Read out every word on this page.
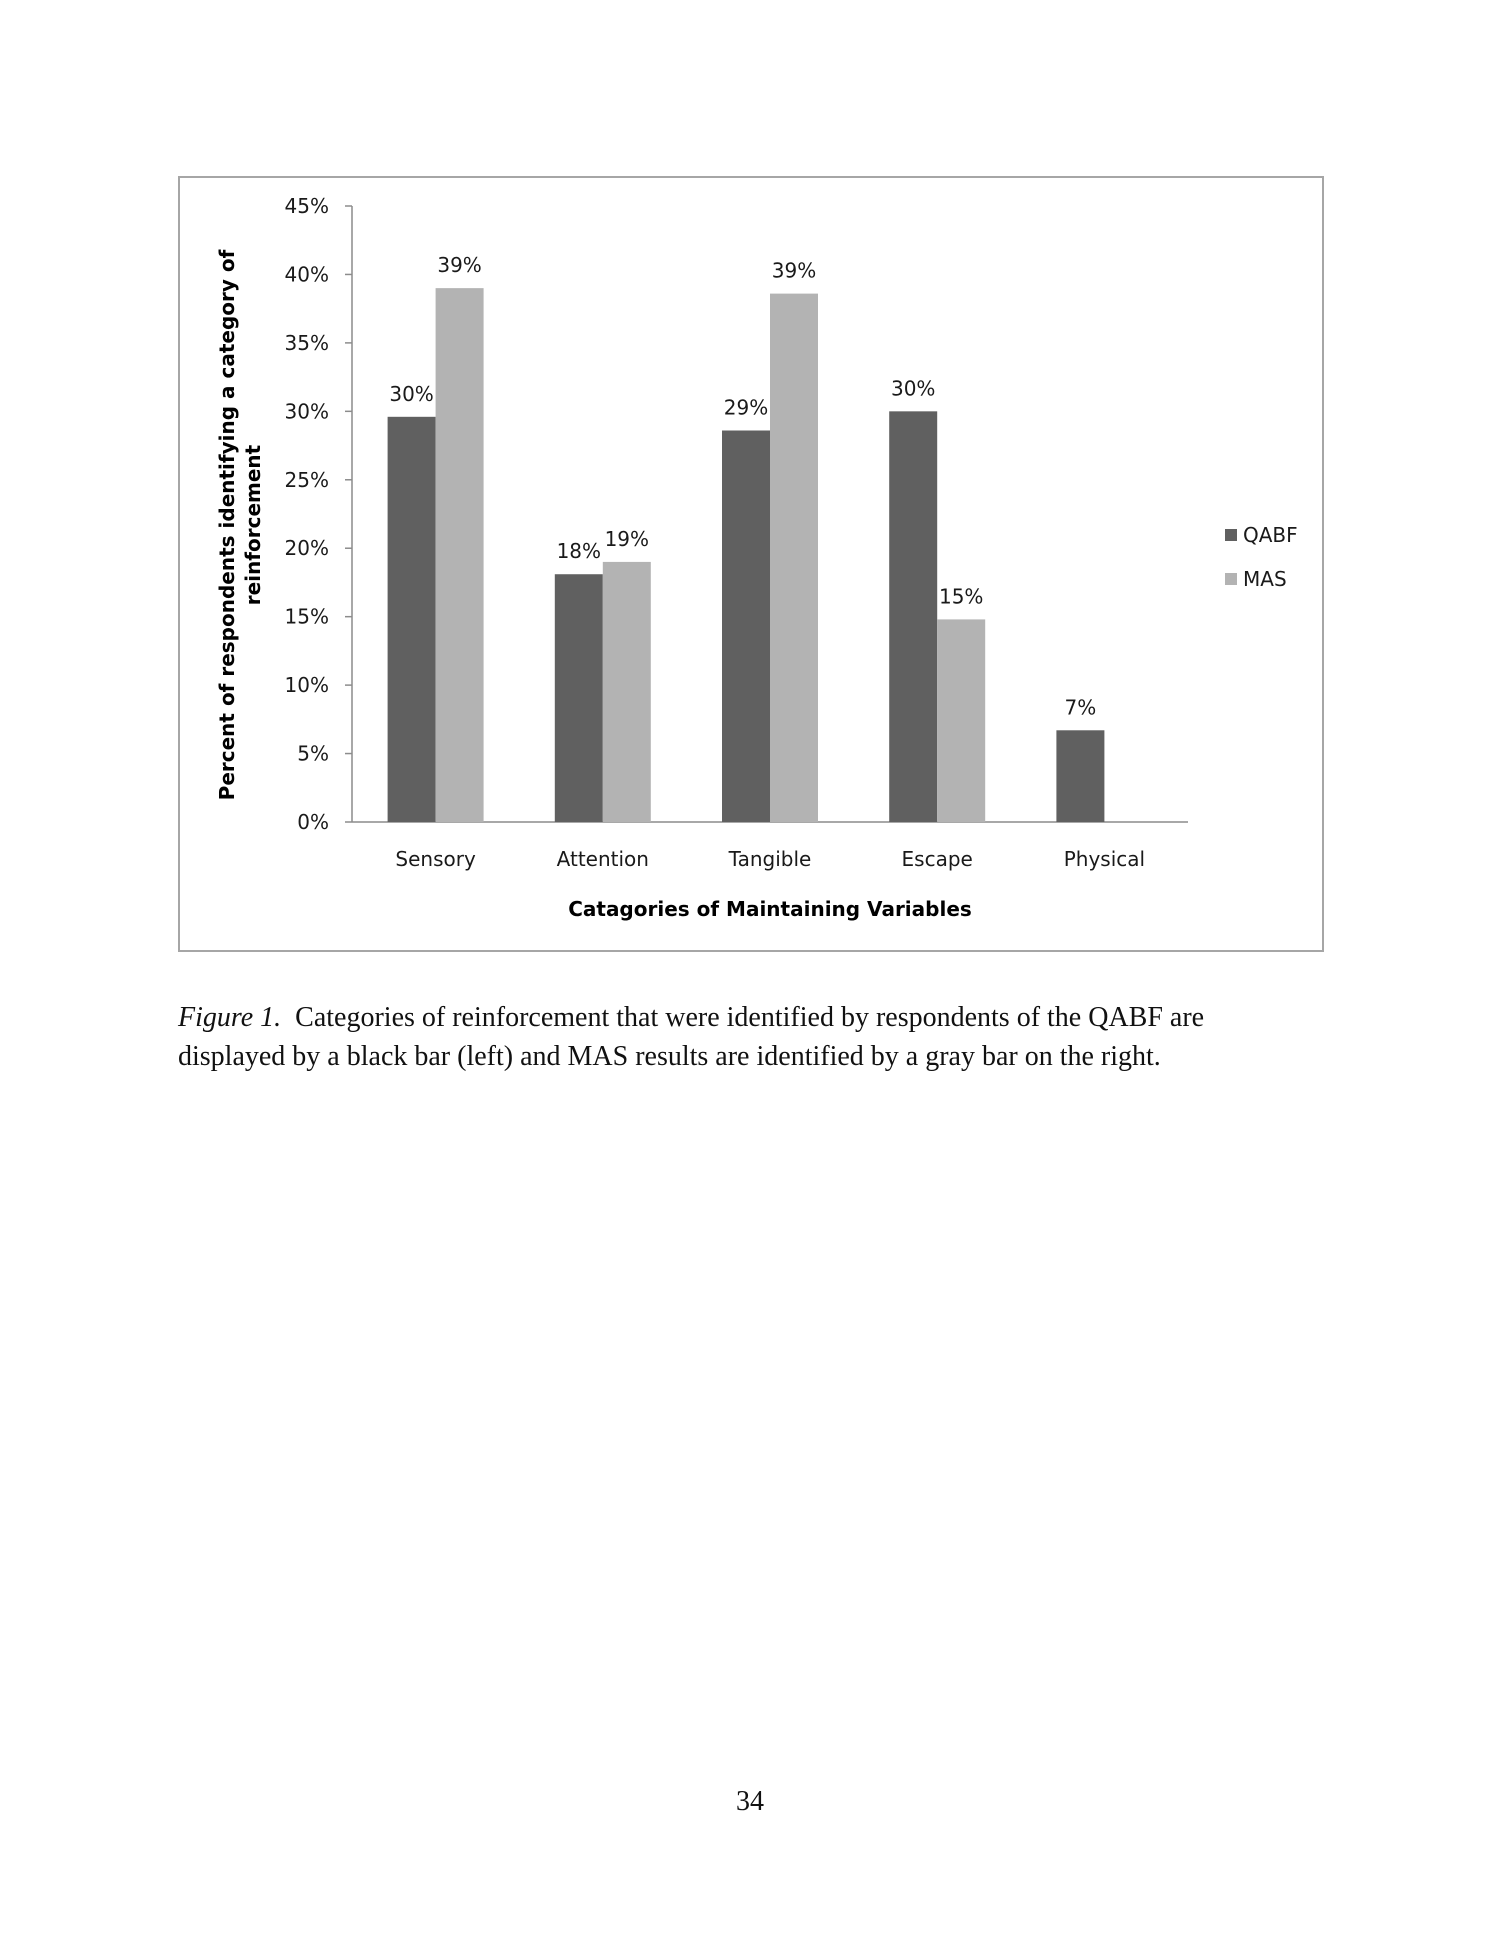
Percent of respondents identifying a category of reinforcement
Catagories of Maintaining Variables
0%
5%
10%
15%
20%
25%
30%
35%
40%
45%
Sensory
30%
39%
Attention
18%
19%
Tangible
29%
39%
Escape
30%
15%
Physical
7%
QABF
MAS
Figure 1. Categories of reinforcement that were identified by respondents of the QABF are
displayed by a black bar (left) and MAS results are identified by a gray bar on the right.
34
